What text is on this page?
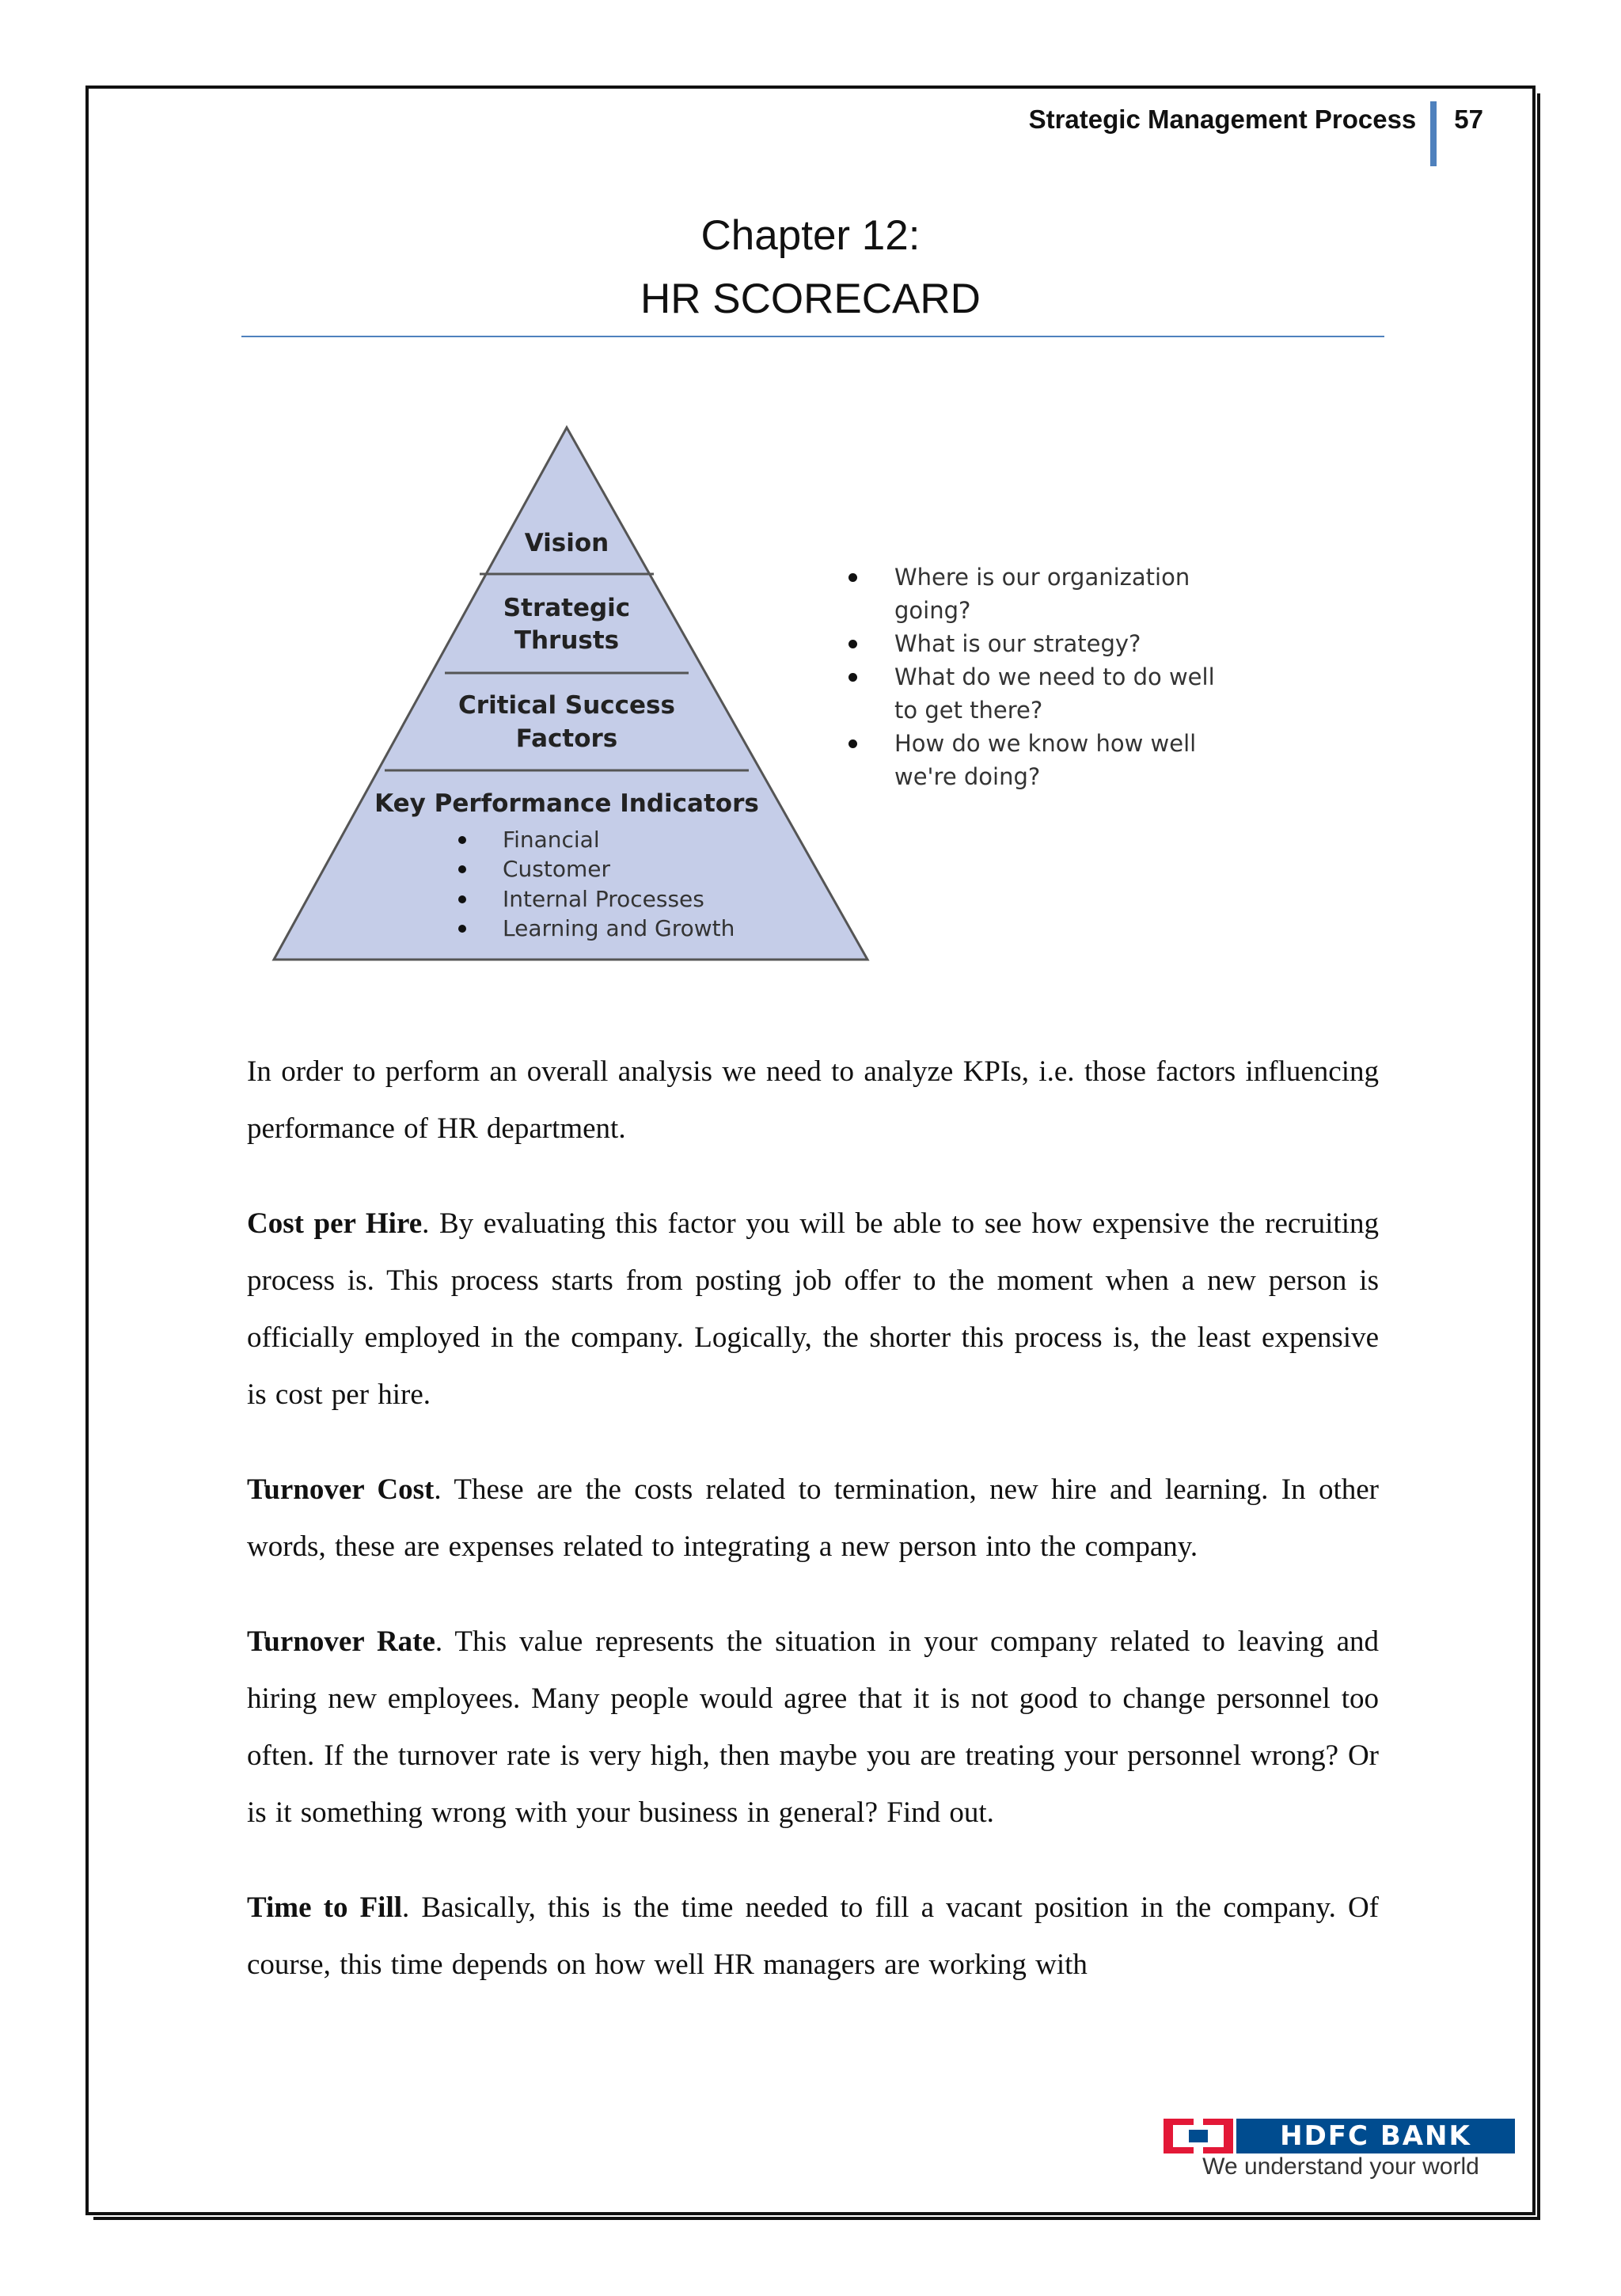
Strategic Management Process	57
Chapter 12:
HR SCORECARD
Vision
Strategic
Thrusts
Critical Success
Factors
Key Performance Indicators
Financial
Customer
Internal Processes
Learning and Growth
Where is our organization
going?
What is our strategy?
What do we need to do well
to get there?
How do we know how well
we're doing?

In order to perform an overall analysis we need to analyze KPIs, i.e. those factors influencing performance of HR department.

Cost per Hire. By evaluating this factor you will be able to see how expensive the recruiting process is. This process starts from posting job offer to the moment when a new person is officially employed in the company. Logically, the shorter this process is, the least expensive is cost per hire.

Turnover Cost. These are the costs related to termination, new hire and learning. In other words, these are expenses related to integrating a new person into the company.

Turnover Rate. This value represents the situation in your company related to leaving and hiring new employees. Many people would agree that it is not good to change personnel too often. If the turnover rate is very high, then maybe you are treating your personnel wrong? Or is it something wrong with your business in general? Find out.

Time to Fill. Basically, this is the time needed to fill a vacant position in the company. Of course, this time depends on how well HR managers are working with

HDFC BANK
We understand your world
